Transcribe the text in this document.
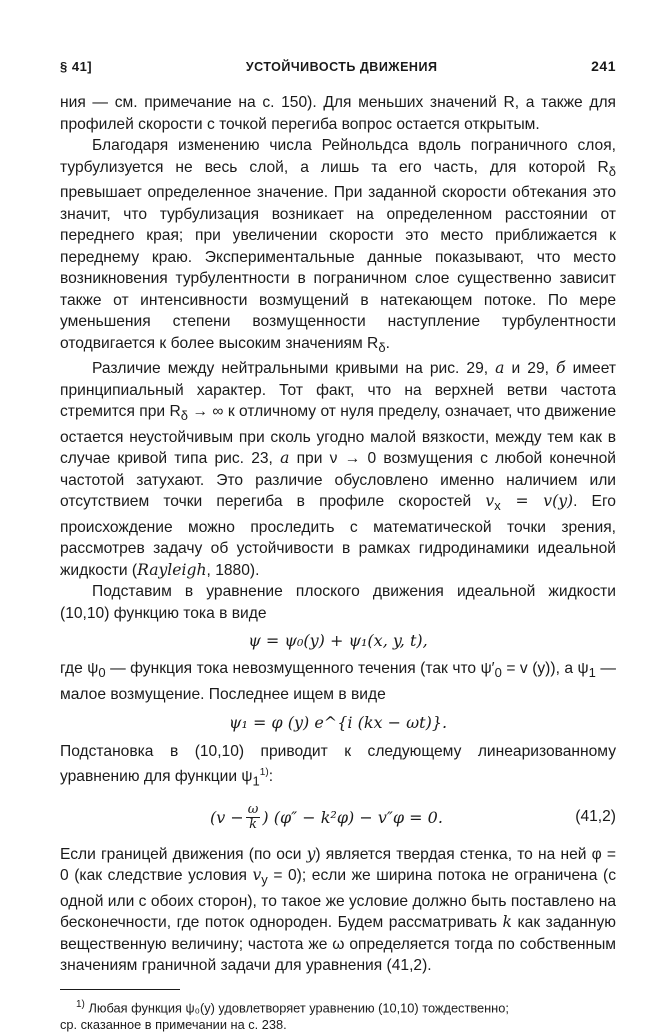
§ 41]	УСТОЙЧИВОСТЬ ДВИЖЕНИЯ	241

ния — см. примечание на с. 150). Для меньших значений R, а также для профилей скорости с точкой перегиба вопрос остается открытым.

Благодаря изменению числа Рейнольдса вдоль пограничного слоя, турбулизуется не весь слой, а лишь та его часть, для которой $R_\delta$ превышает определенное значение. При заданной скорости обтекания это значит, что турбулизация возникает на определенном расстоянии от переднего края; при увеличении скорости это место приближается к переднему краю. Экспериментальные данные показывают, что место возникновения турбулентности в пограничном слое существенно зависит также от интенсивности возмущений в натекающем потоке. По мере уменьшения степени возмущенности наступление турбулентности отодвигается к более высоким значениям $R_\delta$.

Различие между нейтральными кривыми на рис. 29, а и 29, б имеет принципиальный характер. Тот факт, что на верхней ветви частота стремится при $R_\delta$ → ∞ к отличному от нуля пределу, означает, что движение остается неустойчивым при сколь угодно малой вязкости, между тем как в случае кривой типа рис. 23, а при ν → 0 возмущения с любой конечной частотой затухают. Это различие обусловлено именно наличием или отсутствием точки перегиба в профиле скоростей $v_x = v(y)$. Его происхождение можно проследить с математической точки зрения, рассмотрев задачу об устойчивости в рамках гидродинамики идеальной жидкости (Rayleigh, 1880).

Подставим в уравнение плоского движения идеальной жидкости (10,10) функцию тока в виде

ψ = ψ₀(y) + ψ₁(x, y, t),

где $\psi_0$ — функция тока невозмущенного течения (так что $\psi'_0 = v$ (y)), а $\psi_1$ — малое возмущение. Последнее ищем в виде

ψ₁ = φ (y) e^{i (kx − ωt)}.

Подстановка в (10,10) приводит к следующему линеаризованному уравнению для функции $\psi_1^{1)}$:

($v - \frac{\omega}{k}$ ) (φ″ − k²φ) − v″φ = 0.	(41,2)

Если границей движения (по оси y) является твердая стенка, то на ней φ = 0 (как следствие условия $v_y = 0$); если же ширина потока не ограничена (с одной или с обоих сторон), то такое же условие должно быть поставлено на бесконечности, где поток однороден. Будем рассматривать k как заданную вещественную величину; частота же ω определяется тогда по собственным значениям граничной задачи для уравнения (41,2).

$^{1)}$ Любая функция ψ₀(y) удовлетворяет уравнению (10,10) тождественно;
ср. сказанное в примечании на с. 238.
